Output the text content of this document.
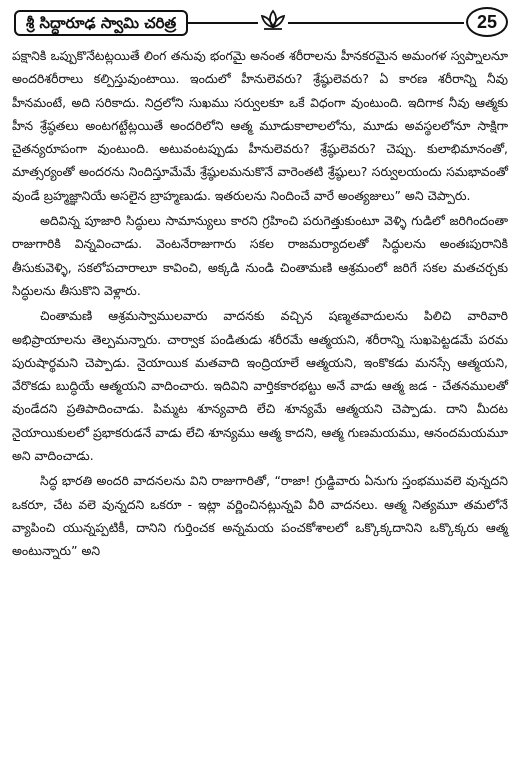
శ్రీ సిద్ధారూఢ స్వామి చరిత్ర	25

పక్షానికి ఒప్పుకొనేటట్లయితే లింగ తనువు భంగమై అనంత శరీరాలను హీనకరమైన అమంగళ స్వప్నాలనూ అందరిశరీరాలు కల్పిస్తువుంటాయి. ఇందులో హీనులెవరు? శ్రేష్ఠులెవరు? ఏ కారణ శరీరాన్ని నీవు హీనమంటే, అది సరికాదు. నిద్రలోని సుఖము సర్వులకూ ఒకే విధంగా వుంటుంది. ఇదిగాక నీవు ఆత్మకు హీన శ్రేష్ఠతలు అంటగట్టేట్లయితే అందరిలోని ఆత్మ మూడుకాలాలలోను, మూడు అవస్థలలోనూ సాక్షిగా చైతన్యరూపంగా వుంటుంది. అటువంటప్పుడు హీనులెవరు? శ్రేష్ఠులెవరు? చెప్పు. కులాభిమానంతో, మాత్సర్యంతో అందరను నిందిస్తూమేమే శ్రేష్ఠులమనుకొనే వారెంతటి శ్రేష్ఠులు? సర్వులయందు సమభావంతో వుండే బ్రహ్మజ్ఞానియే అసలైన బ్రాహ్మణుడు. ఇతరులను నిందించే వారే అంత్యజులు” అని చెప్పారు.

అదివిన్న పూజారి సిద్ధులు సామాన్యులు కారని గ్రహించి పరుగెత్తుకుంటూ వెళ్ళి గుడిలో జరిగిందంతా రాజుగారికి విన్నవించాడు. వెంటనేరాజుగారు సకల రాజమర్యాదలతో సిద్ధులను అంతఃపురానికి తీసుకువెళ్ళి, సకలోపచారాలూ కావించి, అక్కడి నుండి చింతామణి ఆశ్రమంలో జరిగే సకల మతచర్చకు సిద్ధులను తీసుకొని వెళ్లారు.

చింతామణి ఆశ్రమస్వాములవారు వాదనకు వచ్చిన షణ్మతవాదులను పిలిచి వారివారి అభిప్రాయాలను తెల్పమన్నారు. చార్వాక పండితుడు శరీరమే ఆత్మయని, శరీరాన్ని సుఖపెట్టడమే పరమ పురుషార్థమని చెప్పాడు. నైయాయిక మతవాది ఇంద్రియాలే ఆత్మయని, ఇంకొకడు మనస్సే ఆత్మయని, వేరొకడు బుద్ధియే ఆత్మయని వాదించారు. ఇదివిని వార్తికకారభట్టు అనే వాడు ఆత్మ జడ - చేతనములతో వుండేదని ప్రతిపాదించాడు. పిమ్మట శూన్యవాది లేచి శూన్యమే ఆత్మయని చెప్పాడు. దాని మీదట నైయాయికులలో ప్రభాకరుడనే వాడు లేచి శూన్యము ఆత్మ కాదని, ఆత్మ గుణమయము, ఆనందమయమూ అని వాదించాడు.

సిద్ధ భారతి అందరి వాదనలను విని రాజుగారితో, “రాజా! గ్రుడ్డివారు ఏనుగు స్తంభమువలె వున్నదని ఒకరూ, చేట వలె వున్నదని ఒకరూ - ఇట్లా వర్ణించినట్లున్నవి వీరి వాదనలు. ఆత్మ నిత్యమూ తమలోనే వ్యాపించి యున్నప్పటికీ, దానిని గుర్తించక అన్నమయ పంచకోశాలలో ఒక్కొక్కదానిని ఒక్కొక్కరు ఆత్మ అంటున్నారు” అని
